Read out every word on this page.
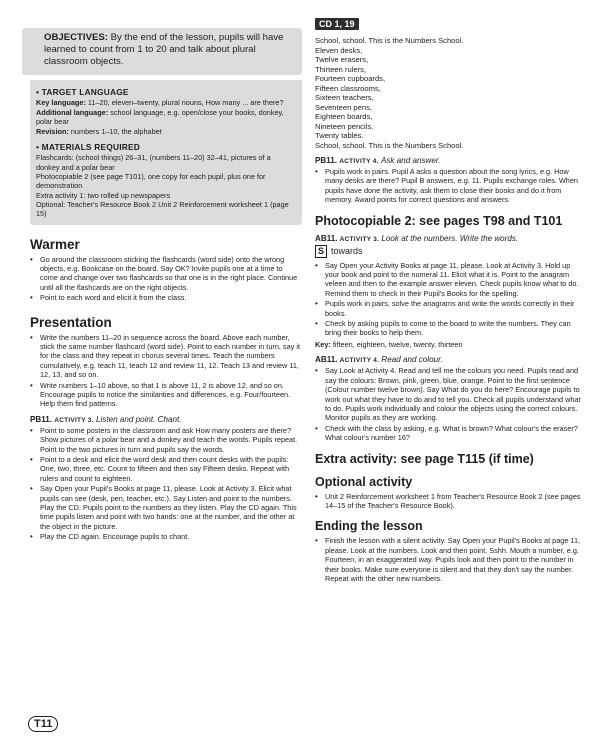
OBJECTIVES: By the end of the lesson, pupils will have learned to count from 1 to 20 and talk about plural classroom objects.
• TARGET LANGUAGE
Key language: 11–20, eleven–twenty, plural nouns, How many ... are there?
Additional language: school language, e.g. open/close your books, donkey, polar bear
Revision: numbers 1–10, the alphabet
• MATERIALS REQUIRED
Flashcards: (school things) 26–31, (numbers 11–20) 32–41, pictures of a donkey and a polar bear
Photocopiable 2 (see page T101), one copy for each pupil, plus one for demonstration
Extra activity 1: two rolled up newspapers
Optional: Teacher's Resource Book 2 Unit 2 Reinforcement worksheet 1 (page 15)
Warmer
• Go around the classroom sticking the flashcards (word side) onto the wrong objects, e.g. Bookcase on the board. Say OK? Invite pupils one at a time to come and change over two flashcards so that one is in the right place. Continue until all the flashcards are on the right objects.
• Point to each word and elicit it from the class.
Presentation
• Write the numbers 11–20 in sequence across the board. Above each number, stick the same number flashcard (word side). Point to each number in turn, say it for the class and they repeat in chorus several times. Teach the numbers cumulatively, e.g. teach 11, teach 12 and review 11, 12. Teach 13 and review 11, 12, 13, and so on.
• Write numbers 1–10 above, so that 1 is above 11, 2 is above 12, and so on. Encourage pupils to notice the similarities and differences, e.g. Four/fourteen. Help them find patterns.
PB11. ACTIVITY 3. Listen and point. Chant.
• Point to some posters in the classroom and ask How many posters are there? Show pictures of a polar bear and a donkey and teach the words. Pupils repeat. Point to the two pictures in turn and pupils say the words.
• Point to a desk and elicit the word desk and then count desks with the pupils: One, two, three, etc. Count to fifteen and then say Fifteen desks. Repeat with rulers and count to eighteen.
• Say Open your Pupil's Books at page 11, please. Look at Activity 3. Elicit what pupils can see (desk, pen, teacher, etc.). Say Listen and point to the numbers. Play the CD. Pupils point to the numbers as they listen. Play the CD again. This time pupils listen and point with two hands: one at the number, and the other at the object in the picture.
• Play the CD again. Encourage pupils to chant.
CD 1, 19
School, school. This is the Numbers School.
Eleven desks,
Twelve erasers,
Thirteen rulers,
Fourteen cupboards,
Fifteen classrooms,
Sixteen teachers,
Seventeen pens,
Eighteen boards,
Nineteen pencils,
Twenty tables.
School, school. This is the Numbers School.
PB11. ACTIVITY 4. Ask and answer.
• Pupils work in pairs. Pupil A asks a question about the song lyrics, e.g. How many desks are there? Pupil B answers, e.g. 11. Pupils exchange roles. When pupils have done the activity, ask them to close their books and do it from memory. Award points for correct questions and answers.
Photocopiable 2: see pages T98 and T101
AB11. ACTIVITY 3. Look at the numbers. Write the words.
S towards
• Say Open your Activity Books at page 11, please. Look at Activity 3. Hold up your book and point to the numeral 11. Elicit what it is. Point to the anagram veleen and then to the example answer eleven. Check pupils know what to do. Remind them to check in their Pupil's Books for the spelling.
• Pupils work in pairs, solve the anagrams and write the words correctly in their books.
• Check by asking pupils to come to the board to write the numbers. They can bring their books to help them.
Key: fifteen, eighteen, twelve, twenty, thirteen
AB11. ACTIVITY 4. Read and colour.
• Say Look at Activity 4. Read and tell me the colours you need. Pupils read and say the colours: Brown, pink, green, blue, orange. Point to the first sentence (Colour number twelve brown). Say What do you do here? Encourage pupils to work out what they have to do and to tell you. Check all pupils understand what to do. Pupils work individually and colour the objects using the correct colours. Monitor pupils as they are working.
• Check with the class by asking, e.g. What is brown? What colour's the eraser? What colour's number 16?
Extra activity: see page T115 (if time)
Optional activity
• Unit 2 Reinforcement worksheet 1 from Teacher's Resource Book 2 (see pages 14–15 of the Teacher's Resource Book).
Ending the lesson
• Finish the lesson with a silent activity. Say Open your Pupil's Books at page 11, please. Look at the numbers. Look and then point. Sshh. Mouth a number, e.g. Fourteen, in an exaggerated way. Pupils look and then point to the number in their books. Make sure everyone is silent and that they don't say the number. Repeat with the other new numbers.
T11
